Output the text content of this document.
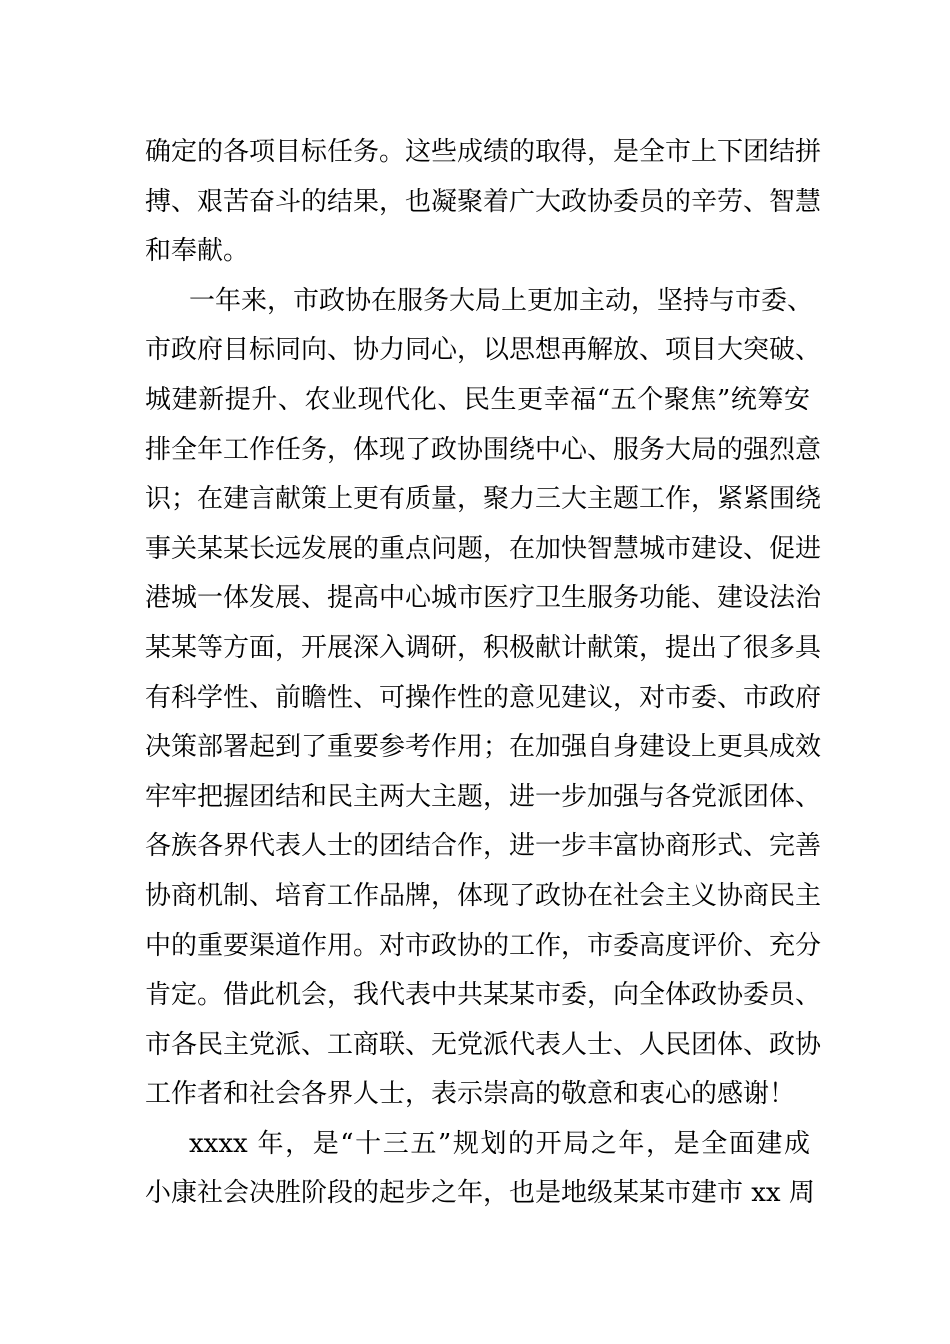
确定的各项目标任务。这些成绩的取得，是全市上下团结拼
搏、艰苦奋斗的结果，也凝聚着广大政协委员的辛劳、智慧
和奉献。
一年来，市政协在服务大局上更加主动，坚持与市委、
市政府目标同向、协力同心，以思想再解放、项目大突破、
城建新提升、农业现代化、民生更幸福“五个聚焦”统筹安
排全年工作任务，体现了政协围绕中心、服务大局的强烈意
识；在建言献策上更有质量，聚力三大主题工作，紧紧围绕
事关某某长远发展的重点问题，在加快智慧城市建设、促进
港城一体发展、提高中心城市医疗卫生服务功能、建设法治
某某等方面，开展深入调研，积极献计献策，提出了很多具
有科学性、前瞻性、可操作性的意见建议，对市委、市政府
决策部署起到了重要参考作用；在加强自身建设上更具成效
牢牢把握团结和民主两大主题，进一步加强与各党派团体、
各族各界代表人士的团结合作，进一步丰富协商形式、完善
协商机制、培育工作品牌，体现了政协在社会主义协商民主
中的重要渠道作用。对市政协的工作，市委高度评价、充分
肯定。借此机会，我代表中共某某市委，向全体政协委员、
市各民主党派、工商联、无党派代表人士、人民团体、政协
工作者和社会各界人士，表示崇高的敬意和衷心的感谢！
xxxx 年，是“十三五”规划的开局之年，是全面建成
小康社会决胜阶段的起步之年，也是地级某某市建市 xx 周
